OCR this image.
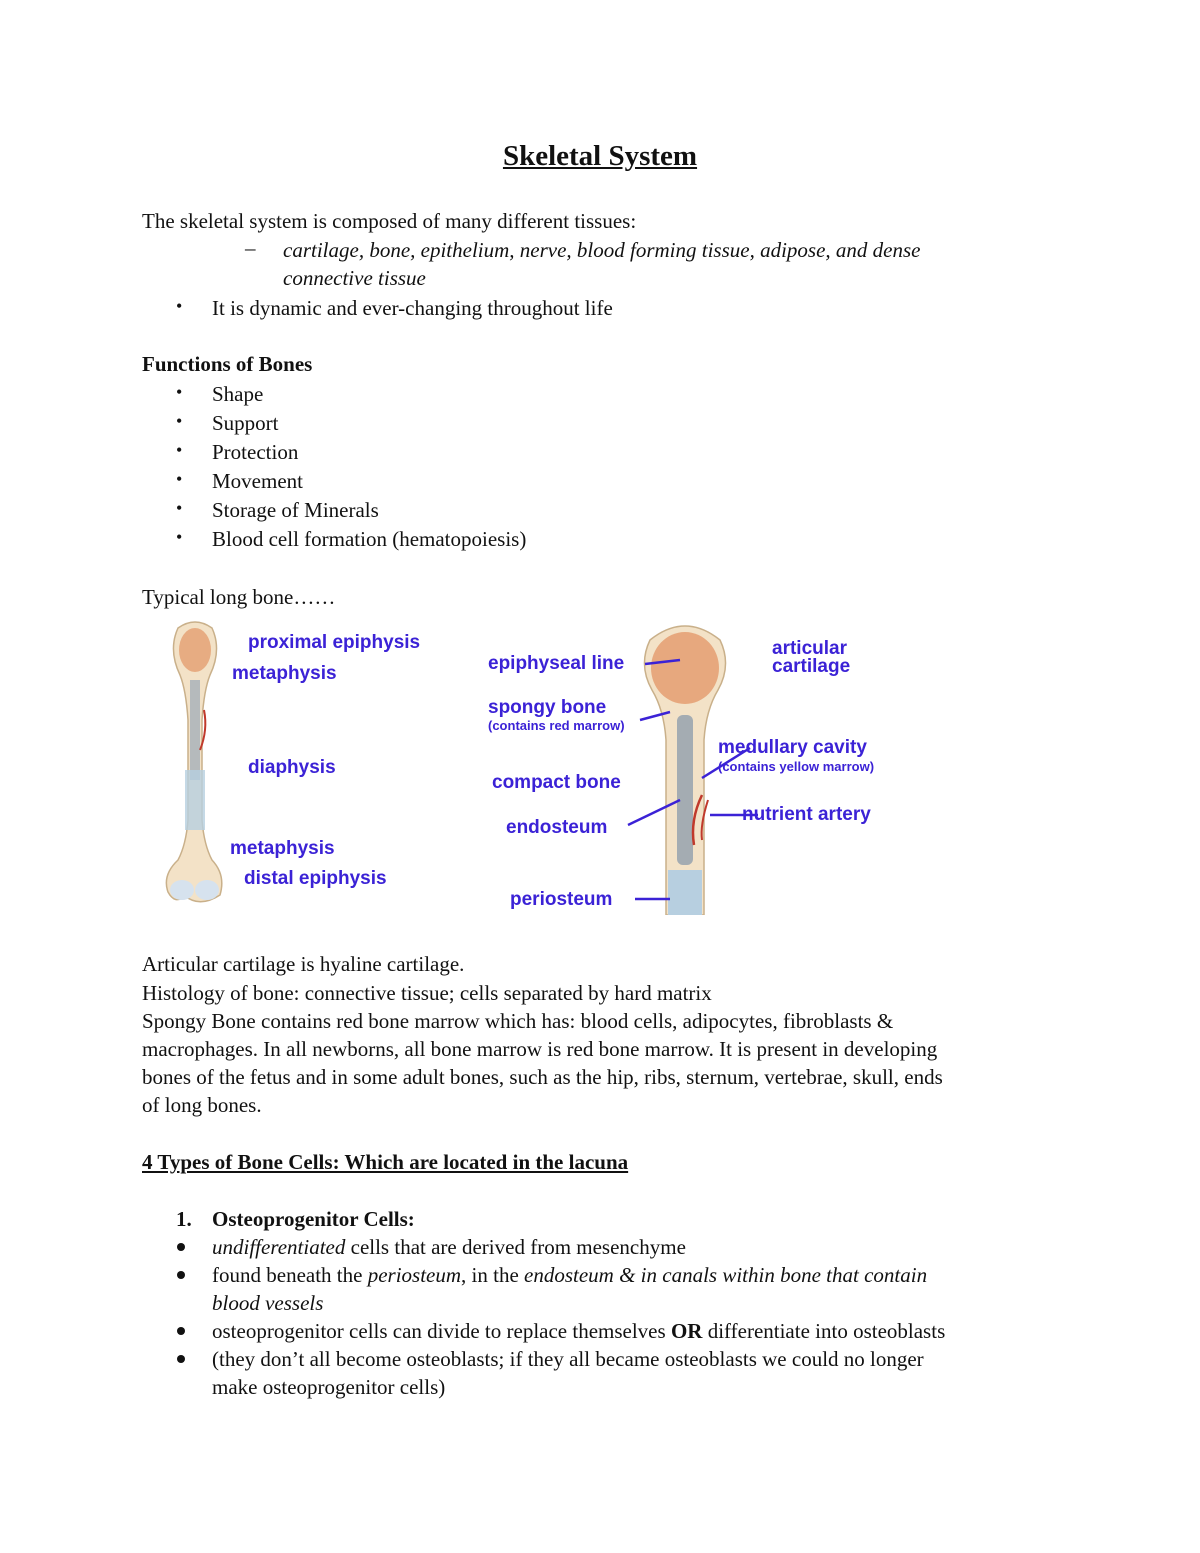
Skeletal System
The skeletal system is composed of many different tissues:
– cartilage, bone, epithelium, nerve, blood forming tissue, adipose, and dense
connective tissue
• It is dynamic and ever-changing throughout life
Functions of Bones
• Shape
• Support
• Protection
• Movement
• Storage of Minerals
• Blood cell formation (hematopoiesis)
Typical long bone……
proximal epiphysis
metaphysis
diaphysis
metaphysis
distal epiphysis
epiphyseal line
spongy bone
(contains red marrow)
compact bone
endosteum
periosteum
articular
cartilage
medullary cavity
(contains yellow marrow)
nutrient artery
Articular cartilage is hyaline cartilage.
Histology of bone: connective tissue; cells separated by hard matrix
Spongy Bone contains red bone marrow which has: blood cells, adipocytes, fibroblasts &
macrophages. In all newborns, all bone marrow is red bone marrow. It is present in developing
bones of the fetus and in some adult bones, such as the hip, ribs, sternum, vertebrae, skull, ends
of long bones.
4 Types of Bone Cells: Which are located in the lacuna
1. Osteoprogenitor Cells:
undifferentiated cells that are derived from mesenchyme
found beneath the periosteum, in the endosteum & in canals within bone that contain
blood vessels
osteoprogenitor cells can divide to replace themselves OR differentiate into osteoblasts
(they don’t all become osteoblasts; if they all became osteoblasts we could no longer
make osteoprogenitor cells)
